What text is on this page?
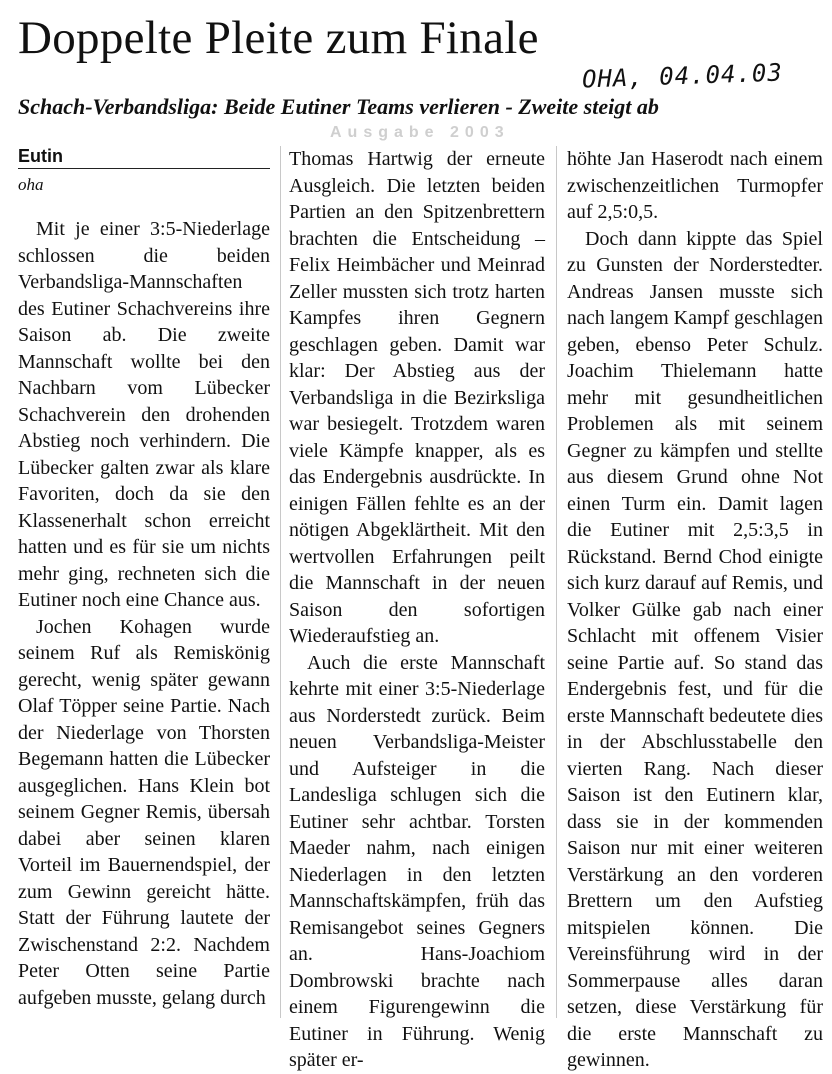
Doppelte Pleite zum Finale
OHA, 04.04.03
Schach-Verbandsliga: Beide Eutiner Teams verlieren - Zweite steigt ab
Ausgabe 2003
Eutin
oha

Mit je einer 3:5-Niederlage schlossen die beiden Verbandsliga-Mannschaften des Eutiner Schachvereins ihre Saison ab. Die zweite Mannschaft wollte bei den Nachbarn vom Lübecker Schachverein den drohenden Abstieg noch verhindern. Die Lübecker galten zwar als klare Favoriten, doch da sie den Klassenerhalt schon erreicht hatten und es für sie um nichts mehr ging, rechneten sich die Eutiner noch eine Chance aus.

Jochen Kohagen wurde seinem Ruf als Remiskönig gerecht, wenig später gewann Olaf Töpper seine Partie. Nach der Niederlage von Thorsten Begemann hatten die Lübecker ausgeglichen. Hans Klein bot seinem Gegner Remis, übersah dabei aber seinen klaren Vorteil im Bauernendspiel, der zum Gewinn gereicht hätte. Statt der Führung lautete der Zwischenstand 2:2. Nachdem Peter Otten seine Partie aufgeben musste, gelang durch

Thomas Hartwig der erneute Ausgleich. Die letzten beiden Partien an den Spitzenbrettern brachten die Entscheidung – Felix Heimbächer und Meinrad Zeller mussten sich trotz harten Kampfes ihren Gegnern geschlagen geben. Damit war klar: Der Abstieg aus der Verbandsliga in die Bezirksliga war besiegelt. Trotzdem waren viele Kämpfe knapper, als es das Endergebnis ausdrückte. In einigen Fällen fehlte es an der nötigen Abgeklärtheit. Mit den wertvollen Erfahrungen peilt die Mannschaft in der neuen Saison den sofortigen Wiederaufstieg an.

Auch die erste Mannschaft kehrte mit einer 3:5-Niederlage aus Norderstedt zurück. Beim neuen Verbandsliga-Meister und Aufsteiger in die Landesliga schlugen sich die Eutiner sehr achtbar. Torsten Maeder nahm, nach einigen Niederlagen in den letzten Mannschaftskämpfen, früh das Remisangebot seines Gegners an. Hans-Joachiom Dombrowski brachte nach einem Figurengewinn die Eutiner in Führung. Wenig später er-

höhte Jan Haserodt nach einem zwischenzeitlichen Turmopfer auf 2,5:0,5.

Doch dann kippte das Spiel zu Gunsten der Norderstedter. Andreas Jansen musste sich nach langem Kampf geschlagen geben, ebenso Peter Schulz. Joachim Thielemann hatte mehr mit gesundheitlichen Problemen als mit seinem Gegner zu kämpfen und stellte aus diesem Grund ohne Not einen Turm ein. Damit lagen die Eutiner mit 2,5:3,5 in Rückstand. Bernd Chod einigte sich kurz darauf auf Remis, und Volker Gülke gab nach einer Schlacht mit offenem Visier seine Partie auf. So stand das Endergebnis fest, und für die erste Mannschaft bedeutete dies in der Abschlusstabelle den vierten Rang. Nach dieser Saison ist den Eutinern klar, dass sie in der kommenden Saison nur mit einer weiteren Verstärkung an den vorderen Brettern um den Aufstieg mitspielen können. Die Vereinsführung wird in der Sommerpause alles daran setzen, diese Verstärkung für die erste Mannschaft zu gewinnen.
